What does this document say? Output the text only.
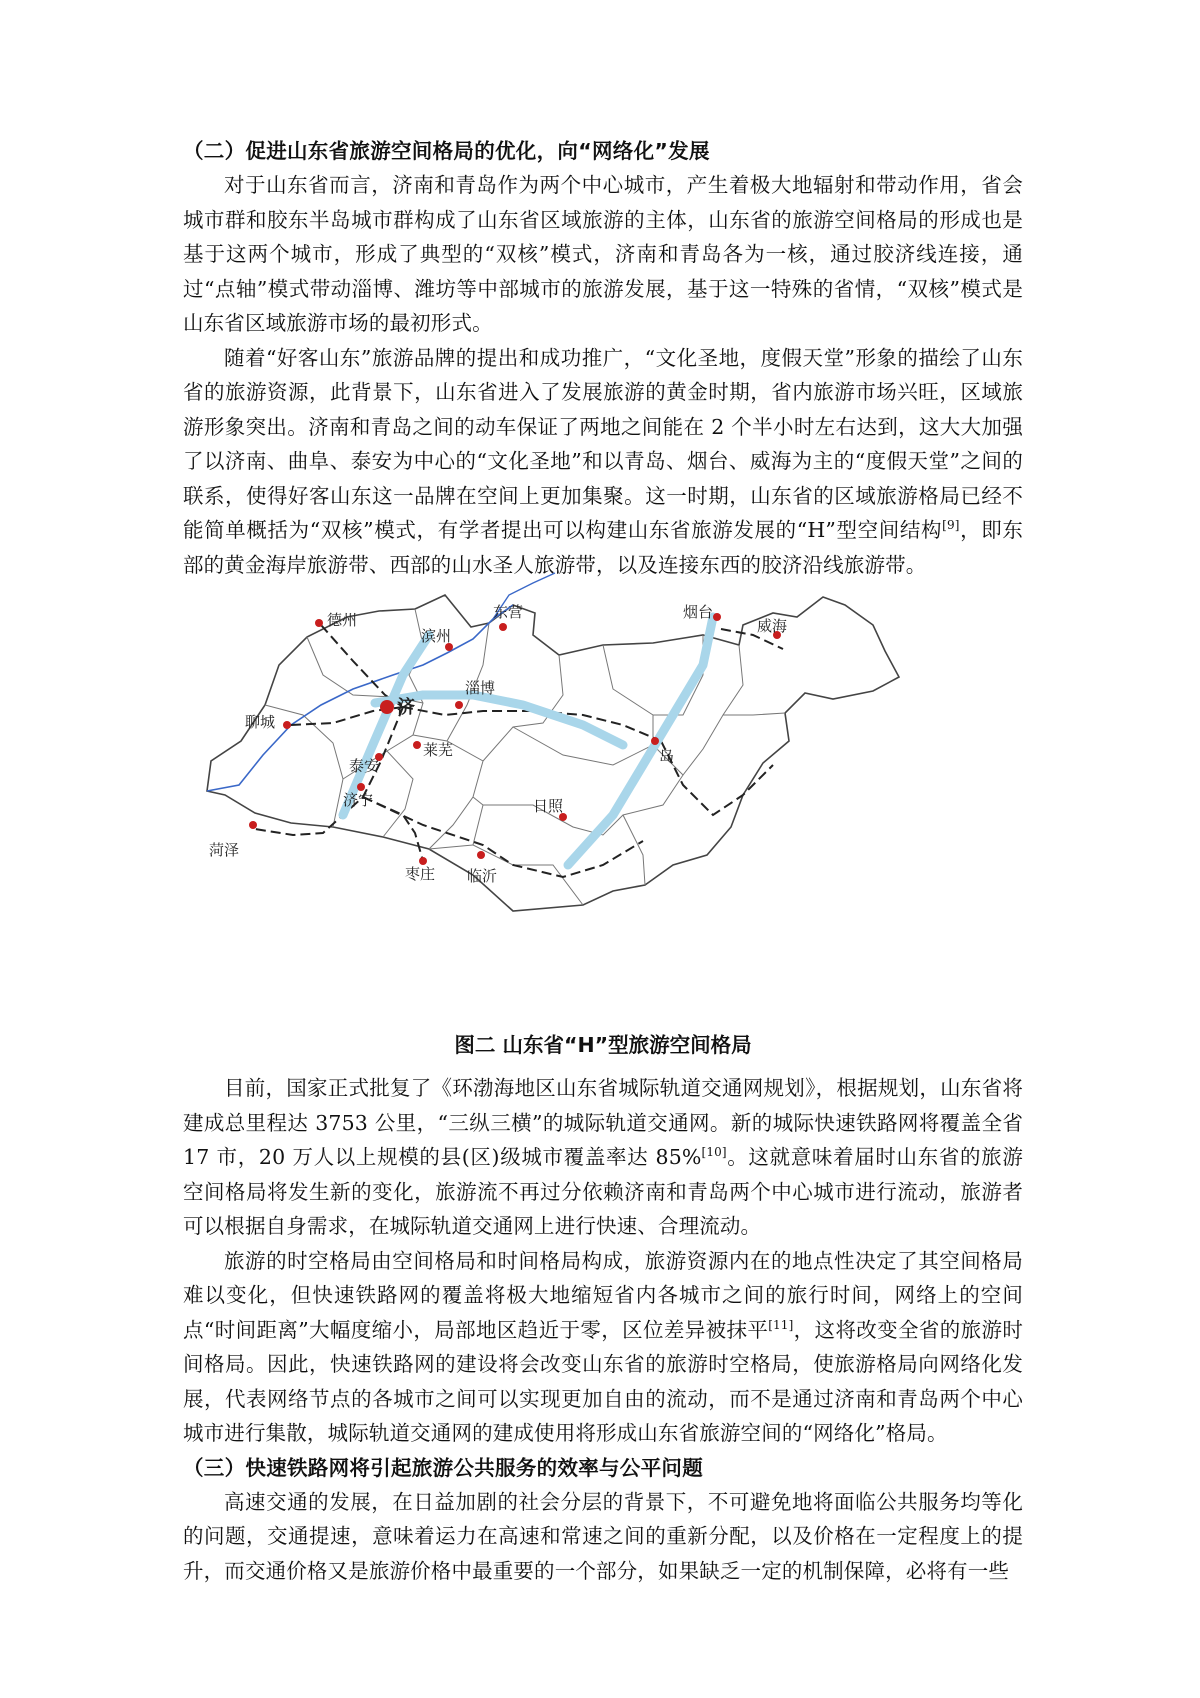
（二）促进山东省旅游空间格局的优化，向“网络化”发展

对于山东省而言，济南和青岛作为两个中心城市，产生着极大地辐射和带动作用，省会城市群和胶东半岛城市群构成了山东省区域旅游的主体，山东省的旅游空间格局的形成也是基于这两个城市，形成了典型的“双核”模式，济南和青岛各为一核，通过胶济线连接，通过“点轴”模式带动淄博、潍坊等中部城市的旅游发展，基于这一特殊的省情，“双核”模式是山东省区域旅游市场的最初形式。

随着“好客山东”旅游品牌的提出和成功推广，“文化圣地，度假天堂”形象的描绘了山东省的旅游资源，此背景下，山东省进入了发展旅游的黄金时期，省内旅游市场兴旺，区域旅游形象突出。济南和青岛之间的动车保证了两地之间能在 2 个半小时左右达到，这大大加强了以济南、曲阜、泰安为中心的“文化圣地”和以青岛、烟台、威海为主的“度假天堂”之间的联系，使得好客山东这一品牌在空间上更加集聚。这一时期，山东省的区域旅游格局已经不能简单概括为“双核”模式，有学者提出可以构建山东省旅游发展的“H”型空间结构[9]，即东部的黄金海岸旅游带、西部的山水圣人旅游带，以及连接东西的胶济沿线旅游带。

德州
滨州
东营	烟台
威海
淄博
济
聊城
泰安
莱芜	岛
济宁	日照
菏泽
枣庄 临沂
图二 山东省“H”型旅游空间格局

目前，国家正式批复了《环渤海地区山东省城际轨道交通网规划》，根据规划，山东省将建成总里程达 3753 公里，“三纵三横”的城际轨道交通网。新的城际快速铁路网将覆盖全省 17 市，20 万人以上规模的县(区)级城市覆盖率达 85%[10]。这就意味着届时山东省的旅游空间格局将发生新的变化，旅游流不再过分依赖济南和青岛两个中心城市进行流动，旅游者可以根据自身需求，在城际轨道交通网上进行快速、合理流动。

旅游的时空格局由空间格局和时间格局构成，旅游资源内在的地点性决定了其空间格局难以变化，但快速铁路网的覆盖将极大地缩短省内各城市之间的旅行时间，网络上的空间点“时间距离”大幅度缩小，局部地区趋近于零，区位差异被抹平[11]，这将改变全省的旅游时间格局。因此，快速铁路网的建设将会改变山东省的旅游时空格局，使旅游格局向网络化发展，代表网络节点的各城市之间可以实现更加自由的流动，而不是通过济南和青岛两个中心城市进行集散，城际轨道交通网的建成使用将形成山东省旅游空间的“网络化”格局。

（三）快速铁路网将引起旅游公共服务的效率与公平问题

高速交通的发展，在日益加剧的社会分层的背景下，不可避免地将面临公共服务均等化的问题，交通提速，意味着运力在高速和常速之间的重新分配，以及价格在一定程度上的提升，而交通价格又是旅游价格中最重要的一个部分，如果缺乏一定的机制保障，必将有一些
